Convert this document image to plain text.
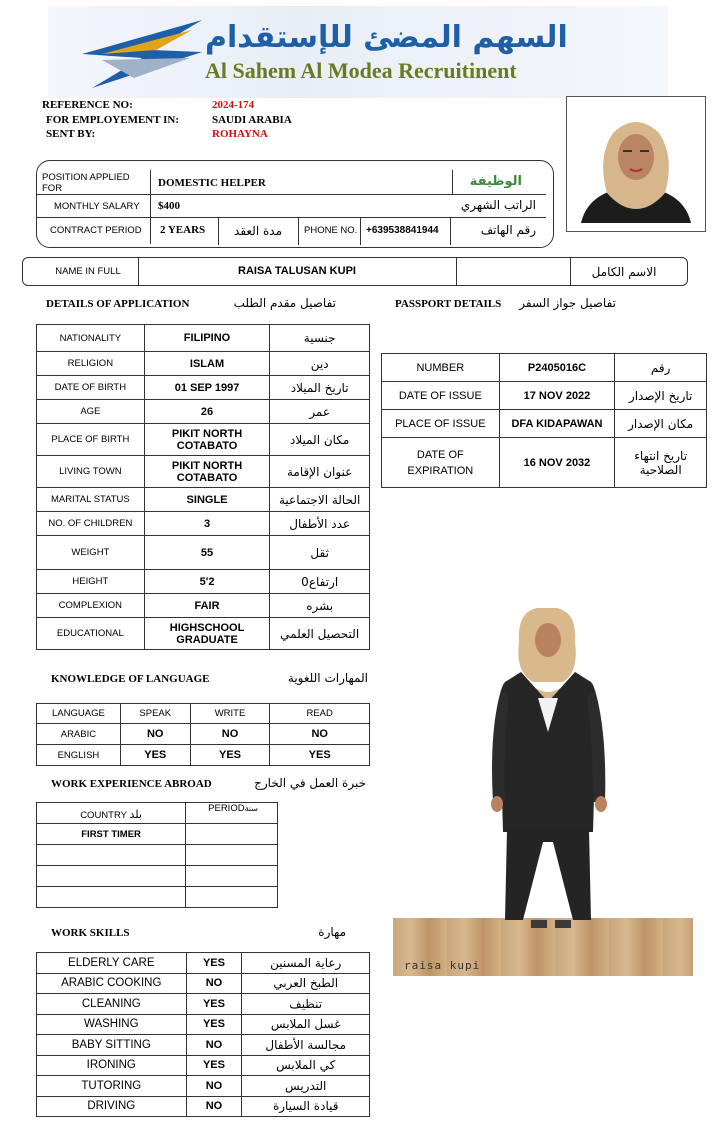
السهم المضئ للإستقدام
Al Sahem Al Modea Recruitinent
REFERENCE NO:	2024-174
FOR EMPLOYEMENT IN:	SAUDI ARABIA
SENT BY:	ROHAYNA
POSITION APPLIED FOR	DOMESTIC HELPER	الوظيفة
MONTHLY SALARY	$400	الراتب الشهري
CONTRACT PERIOD	2 YEARS	مدة العقد	PHONE NO. +639538841944	رقم الهاتف
NAME IN FULL	RAISA TALUSAN KUPI	الاسم الكامل
DETAILS OF APPLICATION	تفاصيل مقدم الطلب	PASSPORT DETAILS	تفاصيل جواز السفر
NATIONALITY	FILIPINO	جنسية
RELIGION	ISLAM	دين
DATE OF BIRTH	01 SEP 1997	تاريخ الميلاد
AGE	26	عمر
PLACE OF BIRTH	PIKIT NORTH COTABATO	مكان الميلاد
LIVING TOWN	PIKIT NORTH COTABATO	عنوان الإقامة
MARITAL STATUS	SINGLE	الحالة الاجتماعية
NO. OF CHILDREN	3	عدد الأطفال
WEIGHT	55	ثقل
HEIGHT	5'2	ارتفاع0
COMPLEXION	FAIR	بشره
EDUCATIONAL	HIGHSCHOOL GRADUATE	التحصيل العلمي
NUMBER	P2405016C	رقم
DATE OF ISSUE	17 NOV 2022	تاريخ الإصدار
PLACE OF ISSUE	DFA KIDAPAWAN	مكان الإصدار
DATE OF EXPIRATION	16 NOV 2032	تاريخ انتهاء الصلاحية
KNOWLEDGE OF LANGUAGE	المهارات اللغوية
LANGUAGE	SPEAK	WRITE	READ
ARABIC	NO	NO	NO
ENGLISH	YES	YES	YES
WORK EXPERIENCE ABROAD	خبرة العمل في الخارج
COUNTRY بلد	PERIODسنة
FIRST TIMER	

WORK SKILLS	مهارة
ELDERLY CARE	YES	رعاية المسنين
ARABIC COOKING	NO	الطبخ العربي
CLEANING	YES	تنظيف
WASHING	YES	غسل الملابس
BABY SITTING	NO	مجالسة الأطفال
IRONING	YES	كي الملابس
TUTORING	NO	التدريس
DRIVING	NO	قيادة السيارة
raisa kupi
